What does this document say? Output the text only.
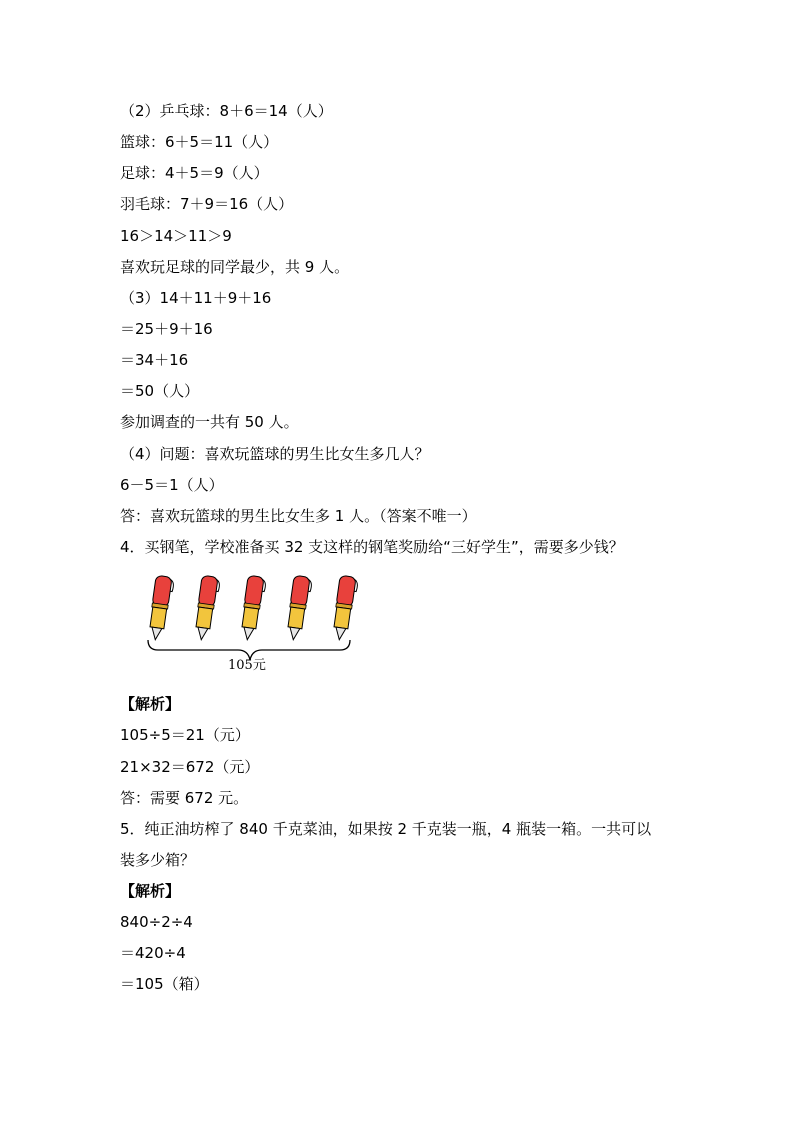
（2）乒乓球：8＋6＝14（人）
篮球：6＋5＝11（人）
足球：4＋5＝9（人）
羽毛球：7＋9＝16（人）
16＞14＞11＞9
喜欢玩足球的同学最少，共 9 人。
（3）14＋11＋9＋16
＝25＋9＋16
＝34＋16
＝50（人）
参加调查的一共有 50 人。
（4）问题：喜欢玩篮球的男生比女生多几人？
6－5＝1（人）
答：喜欢玩篮球的男生比女生多 1 人。（答案不唯一）
4．买钢笔，学校准备买 32 支这样的钢笔奖励给“三好学生”，需要多少钱？
105元
【解析】
105÷5＝21（元）
21×32＝672（元）
答：需要 672 元。
5．纯正油坊榨了 840 千克菜油，如果按 2 千克装一瓶，4 瓶装一箱。一共可以
装多少箱？
【解析】
840÷2÷4
＝420÷4
＝105（箱）
